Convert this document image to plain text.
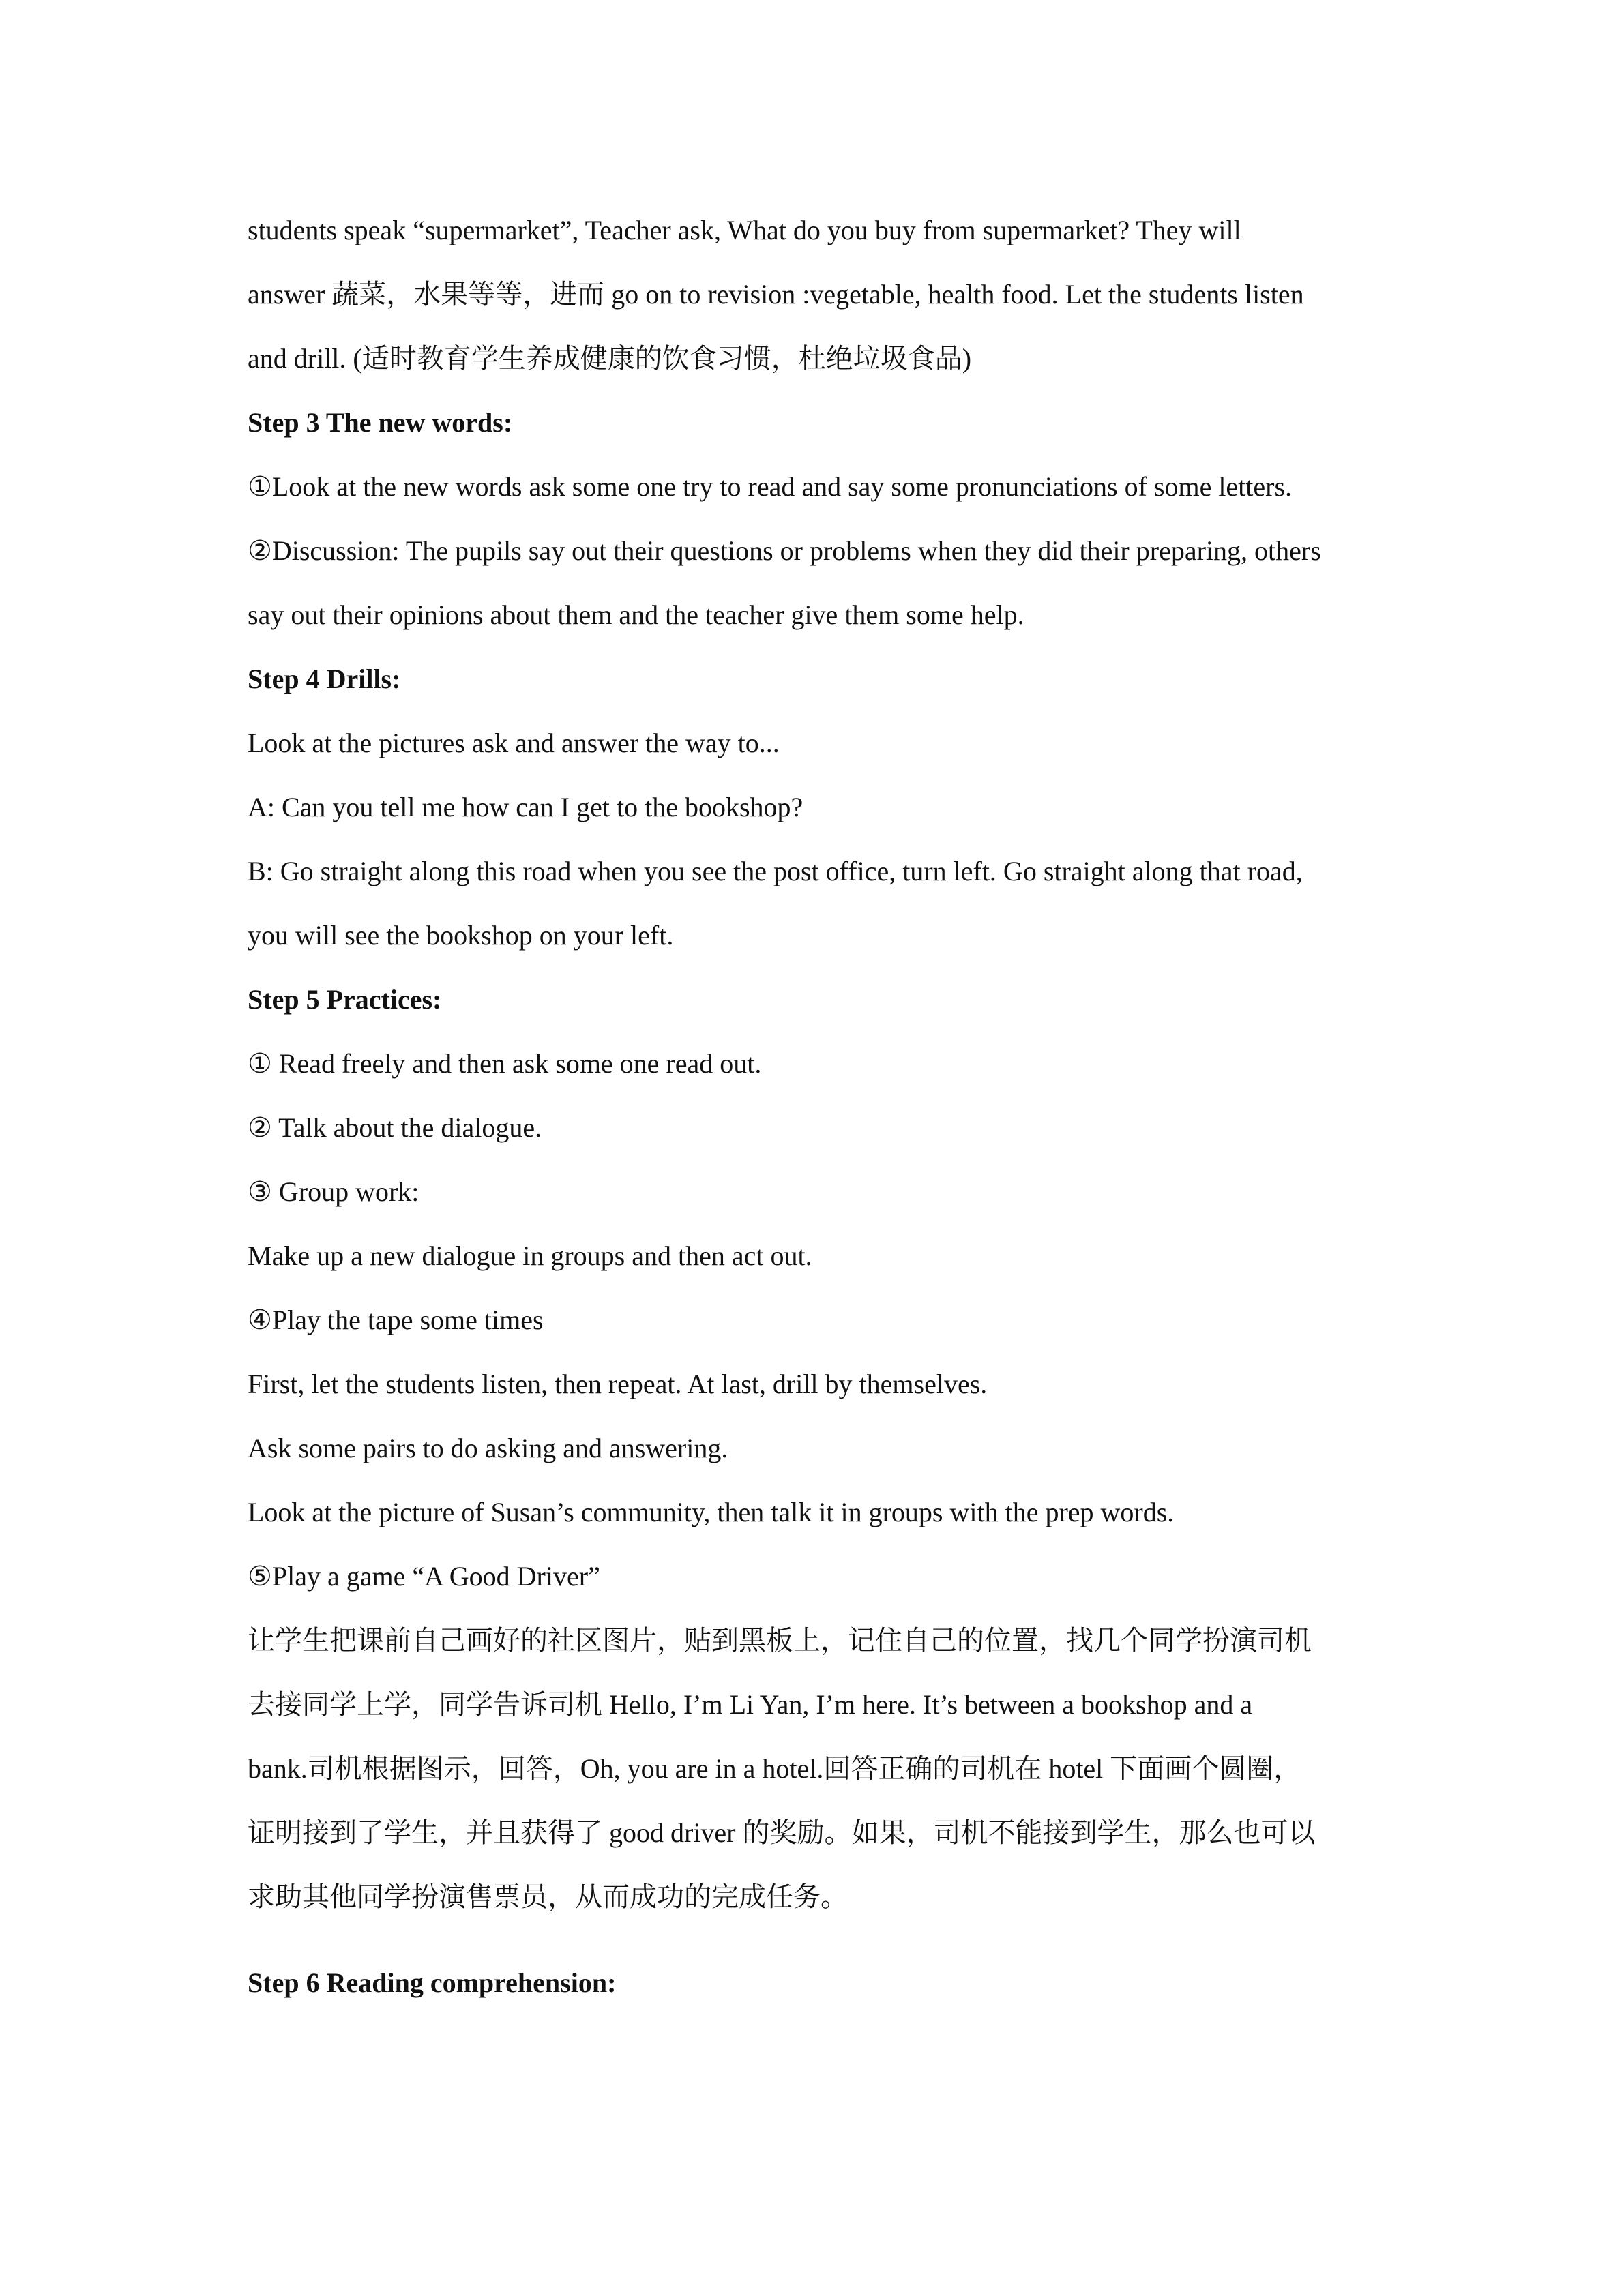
students speak “supermarket”, Teacher ask, What do you buy from supermarket? They will
answer 蔬菜，水果等等，进而 go on to revision :vegetable, health food. Let the students listen
and drill. (适时教育学生养成健康的饮食习惯，杜绝垃圾食品)
Step 3 The new words:
①Look at the new words ask some one try to read and say some pronunciations of some letters.
②Discussion: The pupils say out their questions or problems when they did their preparing, others
say out their opinions about them and the teacher give them some help.
Step 4 Drills:
Look at the pictures ask and answer the way to...
A: Can you tell me how can I get to the bookshop?
B: Go straight along this road when you see the post office, turn left. Go straight along that road,
you will see the bookshop on your left.
Step 5 Practices:
① Read freely and then ask some one read out.
② Talk about the dialogue.
③ Group work:
Make up a new dialogue in groups and then act out.
④Play the tape some times
First, let the students listen, then repeat. At last, drill by themselves.
Ask some pairs to do asking and answering.
Look at the picture of Susan’s community, then talk it in groups with the prep words.
⑤Play a game “A Good Driver”
让学生把课前自己画好的社区图片，贴到黑板上，记住自己的位置，找几个同学扮演司机
去接同学上学，同学告诉司机 Hello, I’m Li Yan, I’m here. It’s between a bookshop and a
bank.司机根据图示，回答，Oh, you are in a hotel.回答正确的司机在 hotel 下面画个圆圈，
证明接到了学生，并且获得了 good driver 的奖励。如果，司机不能接到学生，那么也可以
求助其他同学扮演售票员，从而成功的完成任务。
Step 6 Reading comprehension:
